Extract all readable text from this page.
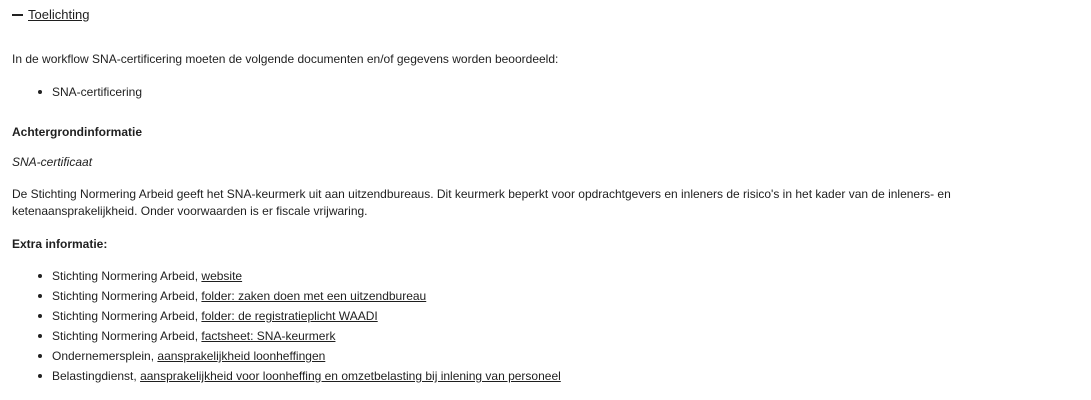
Toelichting

In de workflow SNA-certificering moeten de volgende documenten en/of gegevens worden beoordeeld:

SNA-certificering

Achtergrondinformatie

SNA-certificaat

De Stichting Normering Arbeid geeft het SNA-keurmerk uit aan uitzendbureaus. Dit keurmerk beperkt voor opdrachtgevers en inleners de risico's in het kader van de inleners- en ketenaansprakelijkheid. Onder voorwaarden is er fiscale vrijwaring.

Extra informatie:

Stichting Normering Arbeid, website
Stichting Normering Arbeid, folder: zaken doen met een uitzendbureau
Stichting Normering Arbeid, folder: de registratieplicht WAADI
Stichting Normering Arbeid, factsheet: SNA-keurmerk
Ondernemersplein, aansprakelijkheid loonheffingen
Belastingdienst, aansprakelijkheid voor loonheffing en omzetbelasting bij inlening van personeel
